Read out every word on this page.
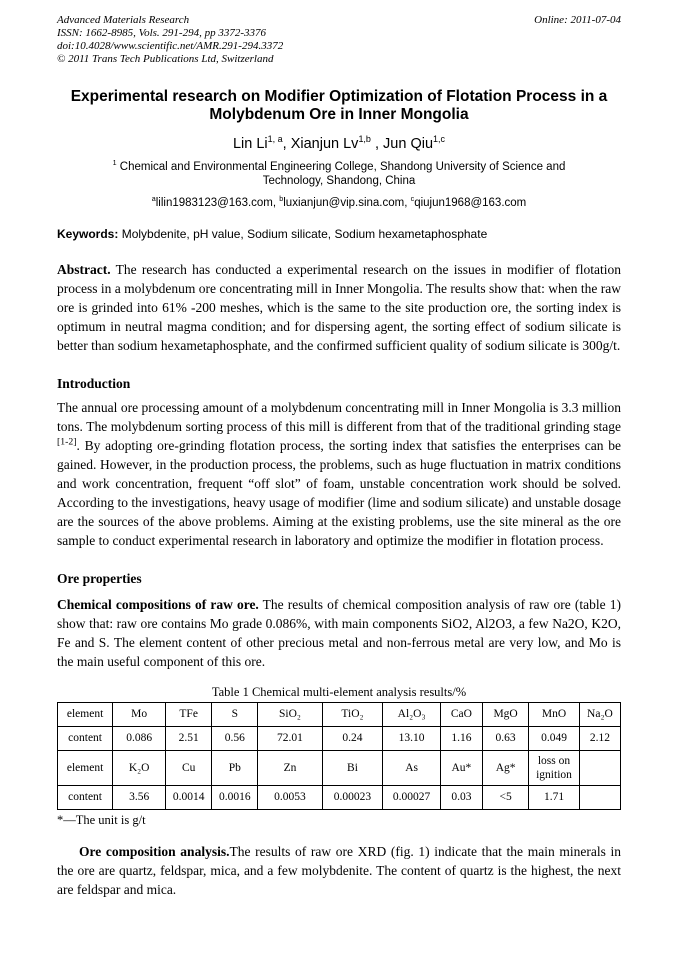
Advanced Materials Research
ISSN: 1662-8985, Vols. 291-294, pp 3372-3376
doi:10.4028/www.scientific.net/AMR.291-294.3372
© 2011 Trans Tech Publications Ltd, Switzerland
Online: 2011-07-04
Experimental research on Modifier Optimization of Flotation Process in a
Molybdenum Ore in Inner Mongolia
Lin Li$^{1, a}$, Xianjun Lv$^{1,b}$ , Jun Qiu$^{1,c}$
$^1$ Chemical and Environmental Engineering College, Shandong University of Science and Technology, Shandong, China
$^a$lilin1983123@163.com, $^b$luxianjun@vip.sina.com, $^c$qiujun1968@163.com
Keywords: Molybdenite, pH value, Sodium silicate, Sodium hexametaphosphate

Abstract. The research has conducted a experimental research on the issues in modifier of flotation process in a molybdenum ore concentrating mill in Inner Mongolia. The results show that: when the raw ore is grinded into 61% -200 meshes, which is the same to the site production ore, the sorting index is optimum in neutral magma condition; and for dispersing agent, the sorting effect of sodium silicate is better than sodium hexametaphosphate, and the confirmed sufficient quality of sodium silicate is 300g/t.

Introduction

The annual ore processing amount of a molybdenum concentrating mill in Inner Mongolia is 3.3 million tons. The molybdenum sorting process of this mill is different from that of the traditional grinding stage [1-2]. By adopting ore-grinding flotation process, the sorting index that satisfies the enterprises can be gained. However, in the production process, the problems, such as huge fluctuation in matrix conditions and work concentration, frequent “off slot” of foam, unstable concentration work should be solved. According to the investigations, heavy usage of modifier (lime and sodium silicate) and unstable dosage are the sources of the above problems. Aiming at the existing problems, use the site mineral as the ore sample to conduct experimental research in laboratory and optimize the modifier in flotation process.

Ore properties

Chemical compositions of raw ore. The results of chemical composition analysis of raw ore (table 1) show that: raw ore contains Mo grade 0.086%, with main components SiO2, Al2O3, a few Na2O, K2O, Fe and S. The element content of other precious metal and non-ferrous metal are very low, and Mo is the main useful component of this ore.

Table 1 Chemical multi-element analysis results/%
element	Mo	TFe	S	SiO₂	TiO₂	Al₂O₃	CaO	MgO	MnO	Na₂O
content	0.086	2.51	0.56	72.01	0.24	13.10	1.16	0.63	0.049	2.12
element	K₂O	Cu	Pb	Zn	Bi	As	Au*	Ag*	loss on ignition	
content	3.56	0.0014	0.0016	0.0053	0.00023	0.00027	0.03	<5	1.71	
*—The unit is g/t

Ore composition analysis.The results of raw ore XRD (fig. 1) indicate that the main minerals in the ore are quartz, feldspar, mica, and a few molybdenite. The content of quartz is the highest, the next are feldspar and mica.
